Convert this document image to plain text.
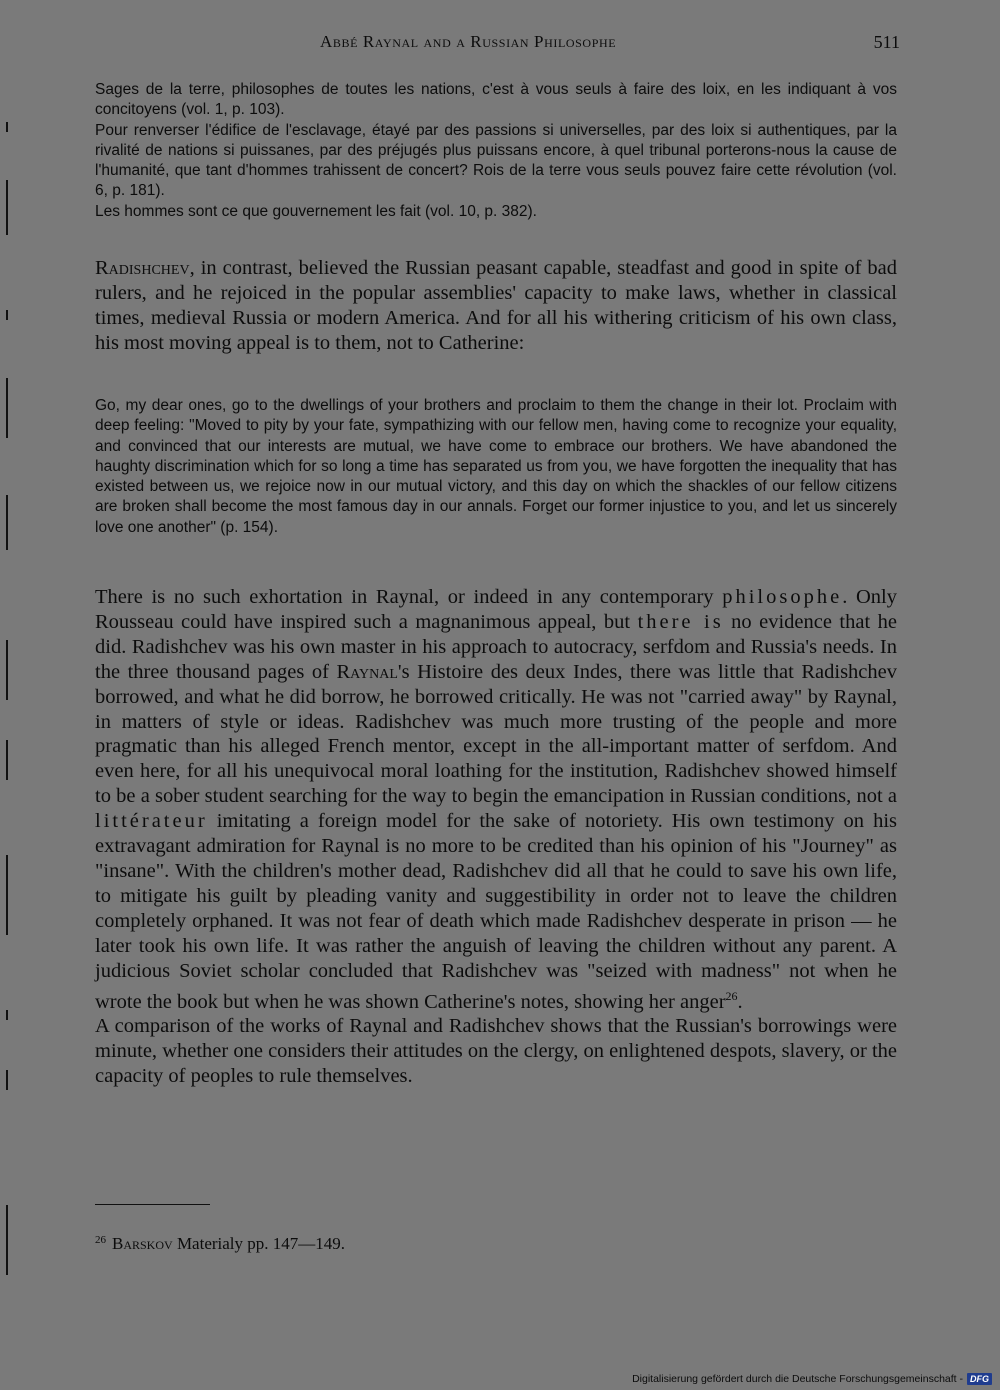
Abbé Raynal and a Russian Philosophe	511

Sages de la terre, philosophes de toutes les nations, c'est à vous seuls à faire des loix, en les indiquant à vos concitoyens (vol. 1, p. 103).

Pour renverser l'édifice de l'esclavage, étayé par des passions si universelles, par des loix si authentiques, par la rivalité de nations si puissanes, par des préjugés plus puissans encore, à quel tribunal porterons-nous la cause de l'humanité, que tant d'hommes trahissent de concert? Rois de la terre vous seuls pouvez faire cette révolution (vol. 6, p. 181).

Les hommes sont ce que gouvernement les fait (vol. 10, p. 382).

Radishchev, in contrast, believed the Russian peasant capable, steadfast and good in spite of bad rulers, and he rejoiced in the popular assemblies' capacity to make laws, whether in classical times, medieval Russia or modern America. And for all his withering criticism of his own class, his most moving appeal is to them, not to Catherine:

Go, my dear ones, go to the dwellings of your brothers and proclaim to them the change in their lot. Proclaim with deep feeling: "Moved to pity by your fate, sympathizing with our fellow men, having come to recognize your equality, and convinced that our interests are mutual, we have come to embrace our brothers. We have abandoned the haughty discrimination which for so long a time has separated us from you, we have forgotten the inequality that has existed between us, we rejoice now in our mutual victory, and this day on which the shackles of our fellow citizens are broken shall become the most famous day in our annals. Forget our former injustice to you, and let us sincerely love one another" (p. 154).

There is no such exhortation in Raynal, or indeed in any contemporary philosophe. Only Rousseau could have inspired such a magnanimous appeal, but there is no evidence that he did. Radishchev was his own master in his approach to autocracy, serfdom and Russia's needs. In the three thousand pages of Raynal's Histoire des deux Indes, there was little that Radishchev borrowed, and what he did borrow, he borrowed critically. He was not "carried away" by Raynal, in matters of style or ideas. Radishchev was much more trusting of the people and more pragmatic than his alleged French mentor, except in the all-important matter of serfdom. And even here, for all his unequivocal moral loathing for the institution, Radishchev showed himself to be a sober student searching for the way to begin the emancipation in Russian conditions, not a littérateur imitating a foreign model for the sake of notoriety. His own testimony on his extravagant admiration for Raynal is no more to be credited than his opinion of his "Journey" as "insane". With the children's mother dead, Radishchev did all that he could to save his own life, to mitigate his guilt by pleading vanity and suggestibility in order not to leave the children completely orphaned. It was not fear of death which made Radishchev desperate in prison — he later took his own life. It was rather the anguish of leaving the children without any parent. A judicious Soviet scholar concluded that Radishchev was "seized with madness" not when he wrote the book but when he was shown Catherine's notes, showing her anger$^{26}$.

A comparison of the works of Raynal and Radishchev shows that the Russian's borrowings were minute, whether one considers their attitudes on the clergy, on enlightened despots, slavery, or the capacity of peoples to rule themselves.

$^{26}$ Barskov Materialy pp. 147—149.
Digitalisierung gefördert durch die Deutsche Forschungsgemeinschaft - DFG
